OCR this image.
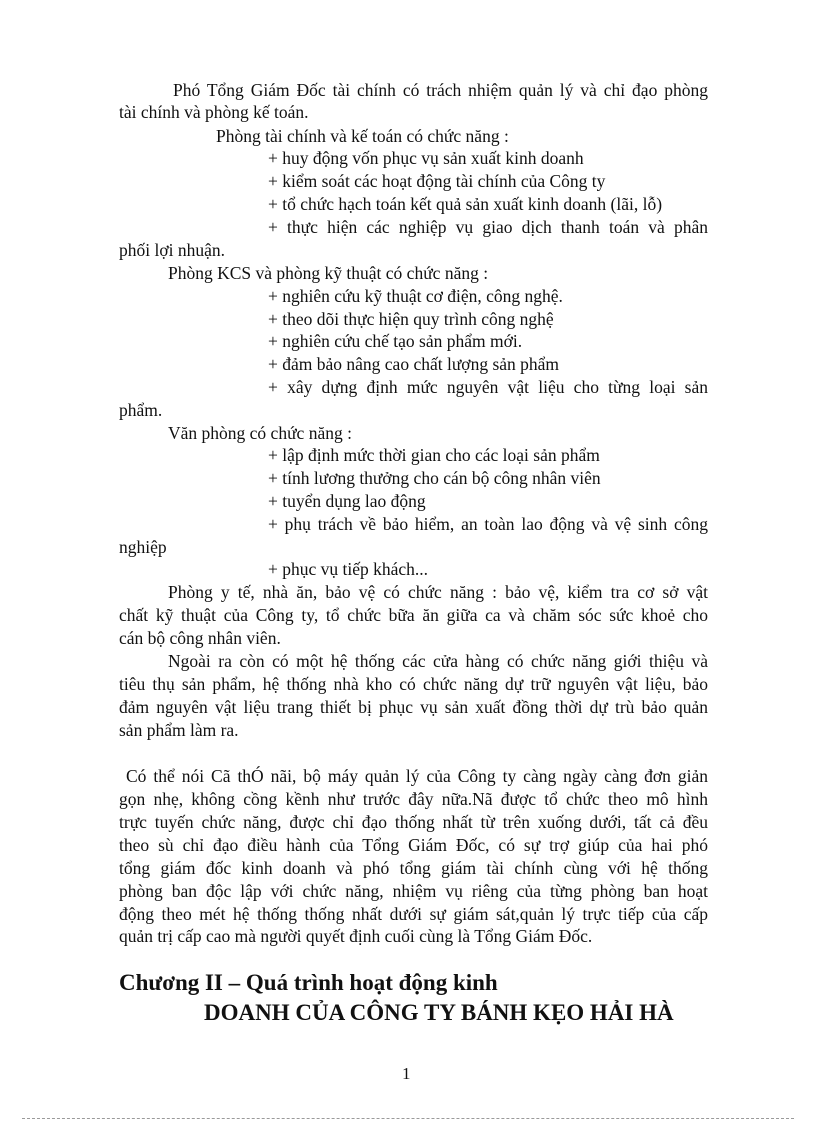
Phó Tổng Giám Đốc tài chính có trách nhiệm quản lý và chỉ đạo phòng
tài chính và phòng kế toán.
Phòng tài chính và kế toán có chức năng :
+ huy động vốn phục vụ sản xuất kinh doanh
+ kiểm soát các hoạt động tài chính của Công ty
+ tổ chức hạch toán kết quả sản xuất kinh doanh (lãi, lỗ)
+ thực hiện các nghiệp vụ giao dịch thanh toán và phân
phối lợi nhuận.
Phòng KCS và phòng kỹ thuật có chức năng :
+ nghiên cứu kỹ thuật cơ điện, công nghệ.
+ theo dõi thực hiện quy trình công nghệ
+ nghiên cứu chế tạo sản phẩm mới.
+ đảm bảo nâng cao chất lượng sản phẩm
+ xây dựng định mức nguyên vật liệu cho từng loại sản
phẩm.
Văn phòng có chức năng :
+ lập định mức thời gian cho các loại sản phẩm
+ tính lương thưởng cho cán bộ công nhân viên
+ tuyển dụng lao động
+ phụ trách về bảo hiểm, an toàn lao động và vệ sinh công
nghiệp
+ phục vụ tiếp khách...
Phòng y tế, nhà ăn, bảo vệ có chức năng : bảo vệ, kiểm tra cơ sở vật
chất kỹ thuật của Công ty, tổ chức bữa ăn giữa ca và chăm sóc sức khoẻ cho
cán bộ công nhân viên.
Ngoài ra còn có một hệ thống các cửa hàng có chức năng giới thiệu và
tiêu thụ sản phẩm, hệ thống nhà kho có chức năng dự trữ nguyên vật liệu, bảo
đảm nguyên vật liệu trang thiết bị phục vụ sản xuất đồng thời dự trù bảo quản
sản phẩm làm ra.
Có thể nói Cã thÓ nãi, bộ máy quản lý của Công ty càng ngày càng đơn giản
gọn nhẹ, không cồng kềnh như trước đây nữa.Nã được tổ chức theo mô hình
trực tuyến chức năng, được chỉ đạo thống nhất từ trên xuống dưới, tất cả đều
theo sù chỉ đạo điều hành của Tổng Giám Đốc, có sự trợ giúp của hai phó
tổng giám đốc kinh doanh và phó tổng giám tài chính cùng với hệ thống
phòng ban độc lập với chức năng, nhiệm vụ riêng của từng phòng ban hoạt
động theo mét hệ thống thống nhất dưới sự giám sát,quản lý trực tiếp của cấp
quản trị cấp cao mà người quyết định cuối cùng là Tổng Giám Đốc.
Chương II – Quá trình hoạt động kinh
DOANH CỦA CÔNG TY BÁNH KẸO HẢI HÀ
1
